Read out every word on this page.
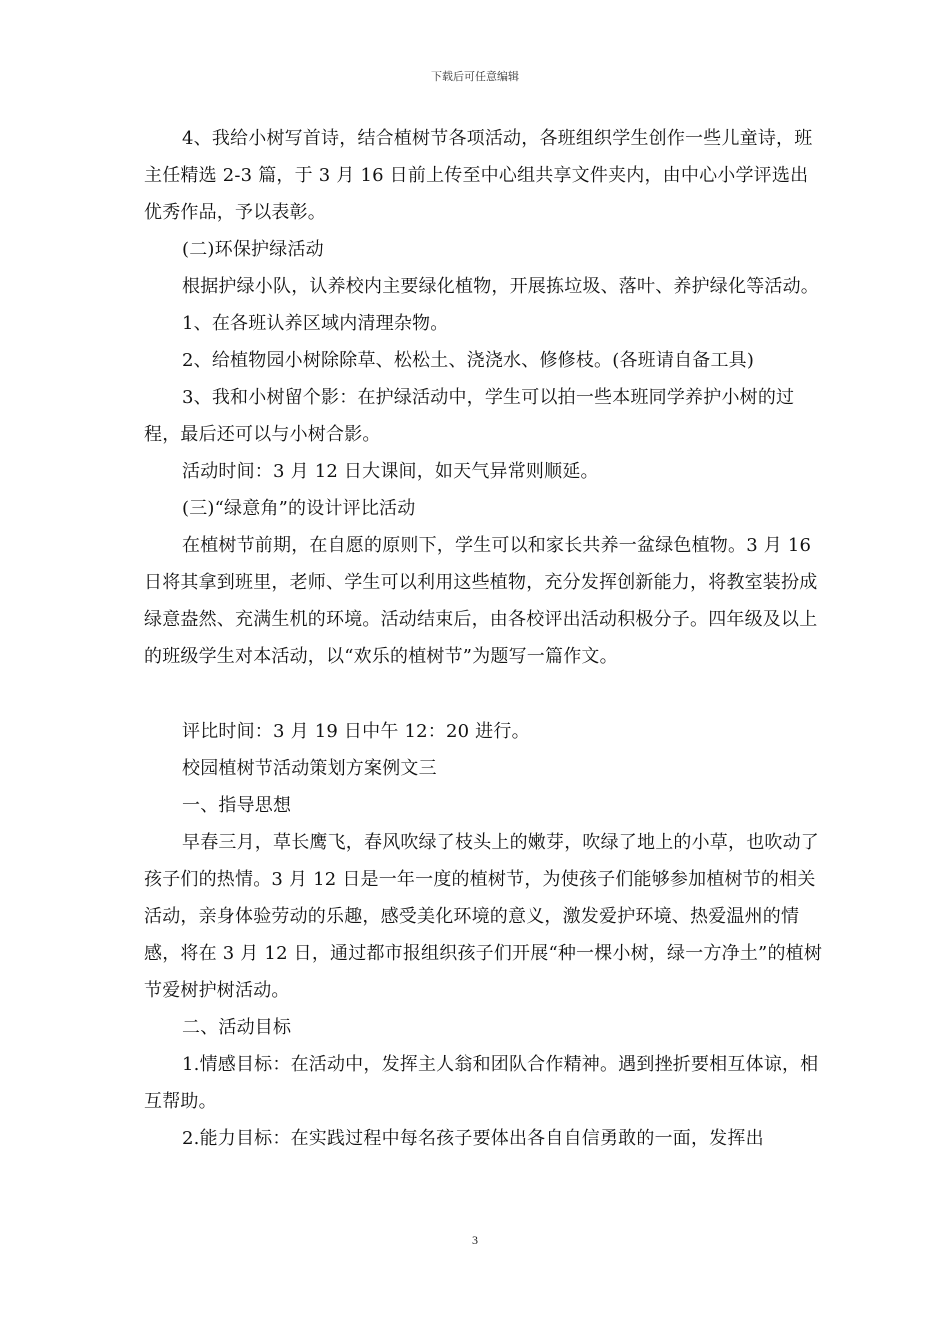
下载后可任意编辑

4、我给小树写首诗，结合植树节各项活动，各班组织学生创作一些儿童诗，班主任精选 2-3 篇，于 3 月 16 日前上传至中心组共享文件夹内，由中心小学评选出优秀作品，予以表彰。

(二)环保护绿活动

根据护绿小队，认养校内主要绿化植物，开展拣垃圾、落叶、养护绿化等活动。

1、在各班认养区域内清理杂物。

2、给植物园小树除除草、松松土、浇浇水、修修枝。(各班请自备工具)

3、我和小树留个影：在护绿活动中，学生可以拍一些本班同学养护小树的过程，最后还可以与小树合影。

活动时间：3 月 12 日大课间，如天气异常则顺延。

(三)“绿意角”的设计评比活动

在植树节前期，在自愿的原则下，学生可以和家长共养一盆绿色植物。3 月 16 日将其拿到班里，老师、学生可以利用这些植物，充分发挥创新能力，将教室装扮成绿意盎然、充满生机的环境。活动结束后，由各校评出活动积极分子。四年级及以上的班级学生对本活动，以“欢乐的植树节”为题写一篇作文。

评比时间：3 月 19 日中午 12：20 进行。

校园植树节活动策划方案例文三

一、指导思想

早春三月，草长鹰飞，春风吹绿了枝头上的嫩芽，吹绿了地上的小草，也吹动了孩子们的热情。3 月 12 日是一年一度的植树节，为使孩子们能够参加植树节的相关活动，亲身体验劳动的乐趣，感受美化环境的意义，激发爱护环境、热爱温州的情感，将在 3 月 12 日，通过都市报组织孩子们开展“种一棵小树，绿一方净土”的植树节爱树护树活动。

二、活动目标

1.情感目标：在活动中，发挥主人翁和团队合作精神。遇到挫折要相互体谅，相互帮助。

2.能力目标：在实践过程中每名孩子要体出各自自信勇敢的一面，发挥出

3
